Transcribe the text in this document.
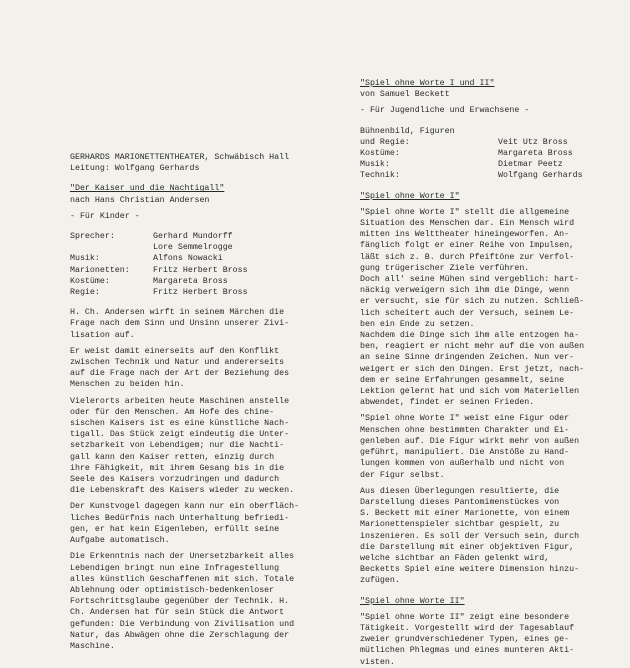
GERHARDS MARIONETTENTHEATER, Schwäbisch Hall

Leitung: Wolfgang Gerhards

"Der Kaiser und die Nachtigall"

nach Hans Christian Andersen

- Für Kinder -

Sprecher:	Gerhard Mundorff
Lore Semmelrogge
Musik:	Alfons Nowacki
Marionetten:	Fritz Herbert Bross
Kostüme:	Margareta Bross
Regie:	Fritz Herbert Bross

H. Ch. Andersen wirft in seinem Märchen die

Frage nach dem Sinn und Unsinn unserer Zivi-

lisation auf.

Er weist damit einerseits auf den Konflikt

zwischen Technik und Natur und andererseits

auf die Frage nach der Art der Beziehung des

Menschen zu beiden hin.

Vielerorts arbeiten heute Maschinen anstelle

oder für den Menschen. Am Hofe des chine-

sischen Kaisers ist es eine künstliche Nach-

tigall. Das Stück zeigt eindeutig die Unter-

setzbarkeit von Lebendigem; nur die Nachti-

gall kann den Kaiser retten, einzig durch

ihre Fähigkeit, mit ihrem Gesang bis in die

Seele des Kaisers vorzudringen und dadurch

die Lebenskraft des Kaisers wieder zu wecken.

Der Kunstvogel dagegen kann nur ein oberfläch-

liches Bedürfnis nach Unterhaltung befriedi-

gen, er hat kein Eigenleben, erfüllt seine

Aufgabe automatisch.

Die Erkenntnis nach der Unersetzbarkeit alles

Lebendigen bringt nun eine Infragestellung

alles künstlich Geschaffenen mit sich. Totale

Ablehnung oder optimistisch-bedenkenloser

Fortschrittsglaube gegenüber der Technik. H.

Ch. Andersen hat für sein Stück die Antwort

gefunden: Die Verbindung von Zivilisation und

Natur, das Abwägen ohne die Zerschlagung der

Maschine.

"Spiel ohne Worte I und II"

von Samuel Beckett

- Für Jugendliche und Erwachsene -

Bühnenbild, Figuren
und Regie:	Veit Utz Bross
Kostüme:	Margareta Bross
Musik:	Dietmar Peetz
Technik:	Wolfgang Gerhards

"Spiel ohne Worte I"

"Spiel ohne Worte I" stellt die allgemeine

Situation des Menschen dar. Ein Mensch wird

mitten ins Welttheater hineingeworfen. An-

fänglich folgt er einer Reihe von Impulsen,

läßt sich z. B. durch Pfeiftöne zur Verfol-

gung trügerischer Ziele verführen.

Doch all' seine Mühen sind vergeblich: hart-

näckig verweigern sich ihm die Dinge, wenn

er versucht, sie für sich zu nutzen. Schließ-

lich scheitert auch der Versuch, seinem Le-

ben ein Ende zu setzen.

Nachdem die Dinge sich ihm alle entzogen ha-

ben, reagiert er nicht mehr auf die von außen

an seine Sinne dringenden Zeichen. Nun ver-

weigert er sich den Dingen. Erst jetzt, nach-

dem er seine Erfahrungen gesammelt, seine

Lektion gelernt hat und sich vom Materiellen

abwendet, findet er seinen Frieden.

"Spiel ohne Worte I" weist eine Figur oder

Menschen ohne bestimmten Charakter und Ei-

genleben auf. Die Figur wirkt mehr von außen

geführt, manipuliert. Die Anstöße zu Hand-

lungen kommen von außerhalb und nicht von

der Figur selbst.

Aus diesen Überlegungen resultierte, die

Darstellung dieses Pantomimenstückes von

S. Beckett mit einer Marionette, von einem

Marionettenspieler sichtbar gespielt, zu

inszenieren. Es soll der Versuch sein, durch

die Darstellung mit einer objektiven Figur,

welche sichtbar an Fäden gelenkt wird,

Becketts Spiel eine weitere Dimension hinzu-

zufügen.

"Spiel ohne Worte II"

"Spiel ohne Worte II" zeigt eine besondere

Tätigkeit. Vorgestellt wird der Tagesablauf

zweier grundverschiedener Typen, eines ge-

mütlichen Phlegmas und eines munteren Akti-

visten.
